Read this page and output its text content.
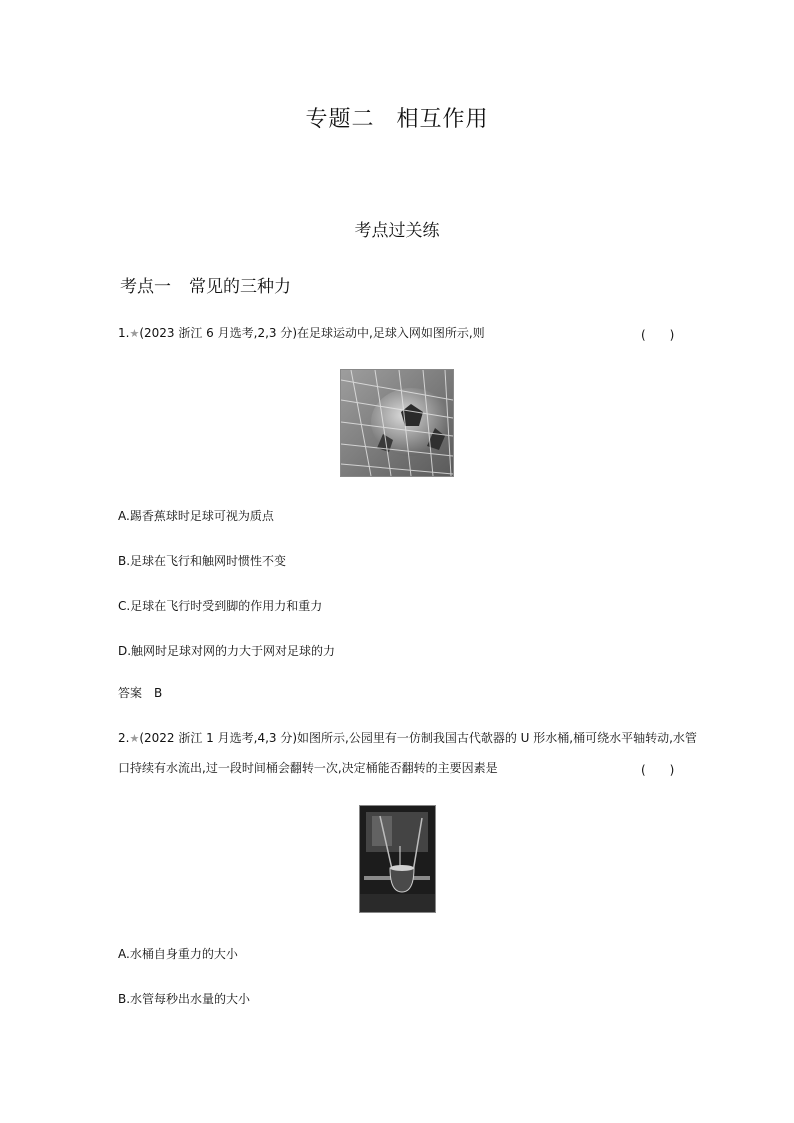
专题二 相互作用
考点过关练
考点一 常见的三种力
1.★(2023 浙江 6 月选考,2,3 分)在足球运动中,足球入网如图所示,则	(　　)
A.踢香蕉球时足球可视为质点
B.足球在飞行和触网时惯性不变
C.足球在飞行时受到脚的作用力和重力
D.触网时足球对网的力大于网对足球的力
答案 B
2.★(2022 浙江 1 月选考,4,3 分)如图所示,公园里有一仿制我国古代欹器的 U 形水桶,桶可绕水平轴转动,水管
口持续有水流出,过一段时间桶会翻转一次,决定桶能否翻转的主要因素是	(　　)
A.水桶自身重力的大小
B.水管每秒出水量的大小
